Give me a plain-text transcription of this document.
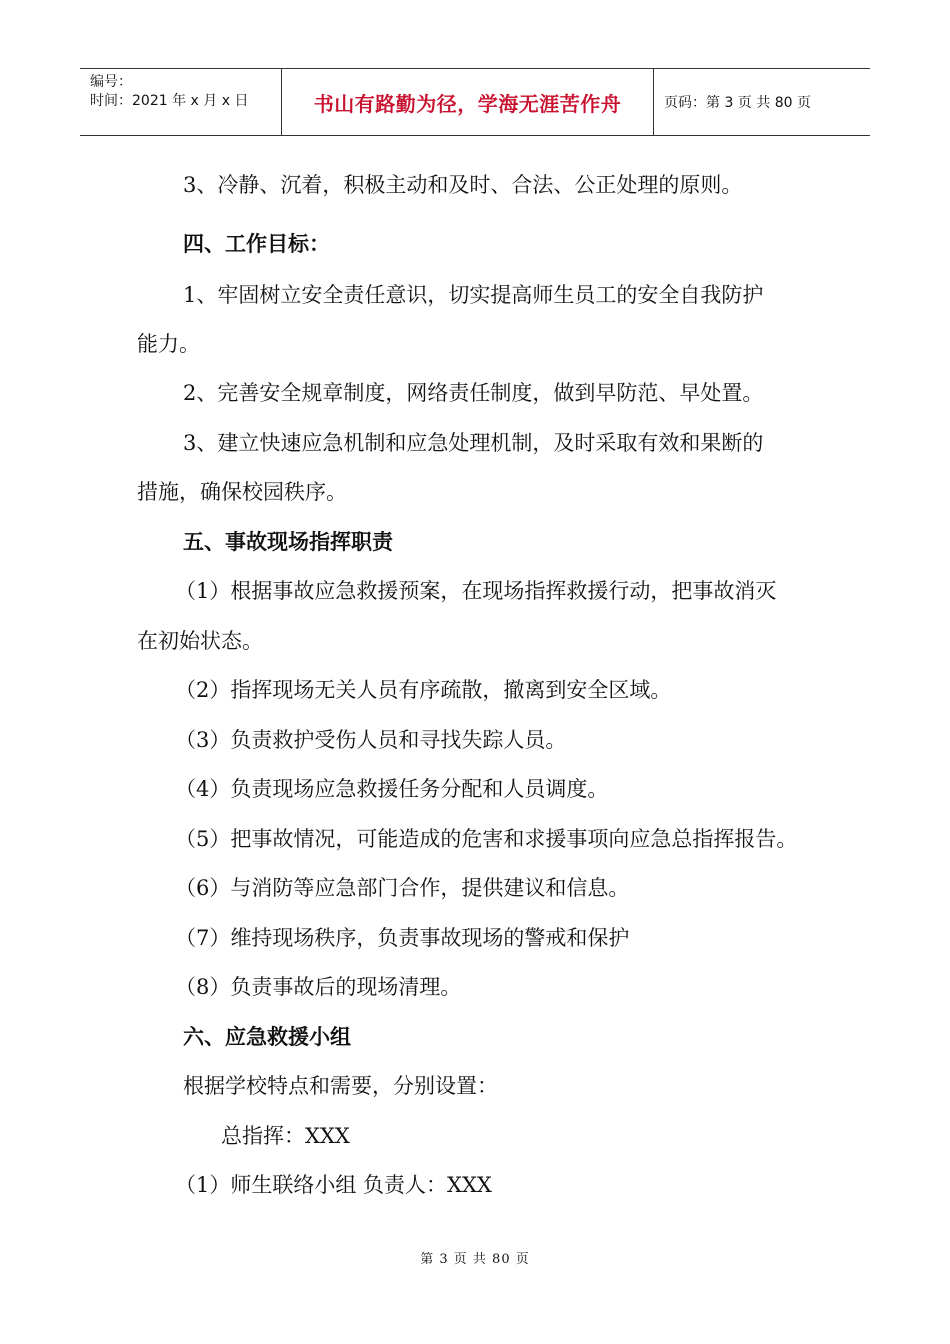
编号：
时间：2021 年 x 月 x 日	书山有路勤为径，学海无涯苦作舟	页码：第 3 页 共 80 页
3、冷静、沉着，积极主动和及时、合法、公正处理的原则。
四、工作目标：
1、牢固树立安全责任意识，切实提高师生员工的安全自我防护
能力。
2、完善安全规章制度，网络责任制度，做到早防范、早处置。
3、建立快速应急机制和应急处理机制，及时采取有效和果断的
措施，确保校园秩序。
五、事故现场指挥职责
（1）根据事故应急救援预案，在现场指挥救援行动，把事故消灭
在初始状态。
（2）指挥现场无关人员有序疏散，撤离到安全区域。
（3）负责救护受伤人员和寻找失踪人员。
（4）负责现场应急救援任务分配和人员调度。
（5）把事故情况，可能造成的危害和求援事项向应急总指挥报告。
（6）与消防等应急部门合作，提供建议和信息。
（7）维持现场秩序，负责事故现场的警戒和保护
（8）负责事故后的现场清理。
六、应急救援小组
根据学校特点和需要，分别设置：
总指挥：XXX
（1）师生联络小组 负责人：XXX
第 3 页 共 80 页
